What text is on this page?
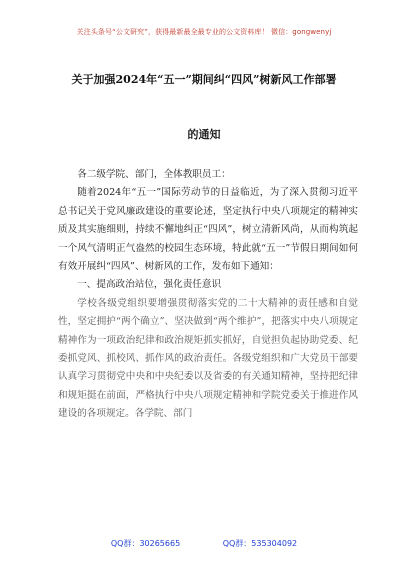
关注头条号“公文研究”，获得最新最全最专业的公文资料库！ 微信：gongwenyj
关于加强2024年“五一”期间纠“四风”树新风工作部署
的通知

各二级学院、部门，全体教职员工：

随着2024年“五一”国际劳动节的日益临近，为了深入贯彻习近平总书记关于党风廉政建设的重要论述，坚定执行中央八项规定的精神实质及其实施细则，持续不懈地纠正“四风”，树立清新风尚，从而构筑起一个风气清明正气盎然的校园生态环境，特此就“五一”节假日期间如何有效开展纠“四风”、树新风的工作，发布如下通知：

一、提高政治站位，强化责任意识

学校各级党组织要增强贯彻落实党的二十大精神的责任感和自觉性，坚定拥护“两个确立”、坚决做到“两个维护”，把落实中央八项规定精神作为一项政治纪律和政治规矩抓实抓好，自觉担负起协助党委、纪委抓党风、抓校风、抓作风的政治责任。各级党组织和广大党员干部要认真学习贯彻党中央和中央纪委以及省委的有关通知精神，坚持把纪律和规矩挺在前面，严格执行中央八项规定精神和学院党委关于推进作风建设的各项规定。各学院、部门

QQ群：30265665	QQ群：535304092
